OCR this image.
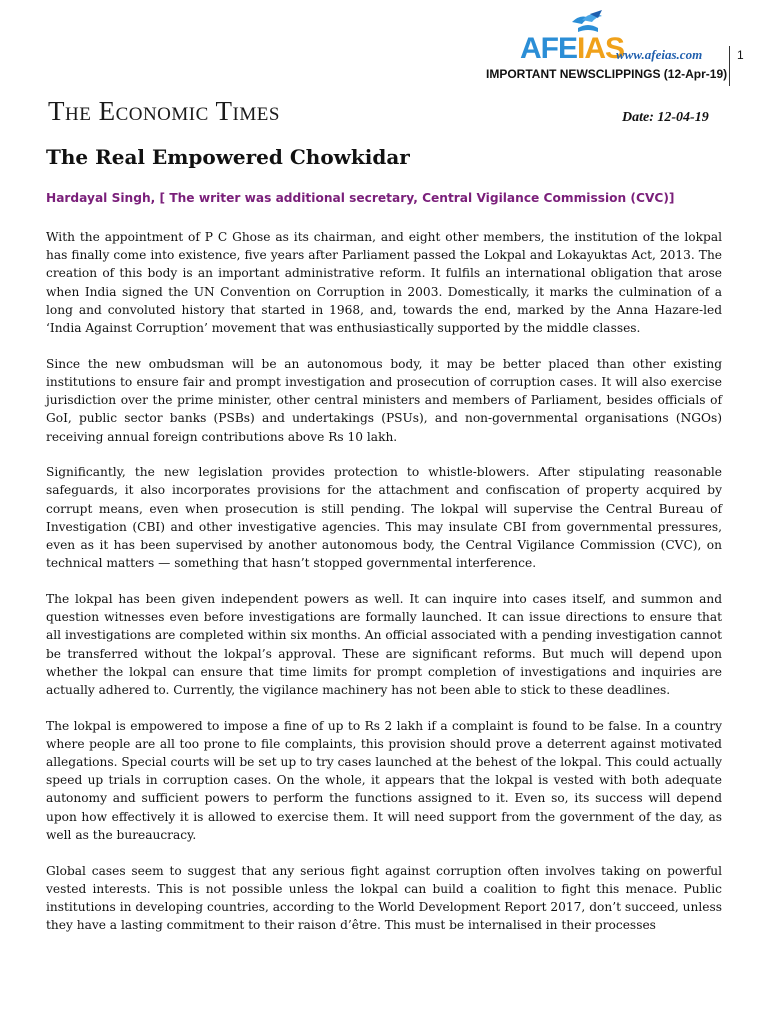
AFEIAS
www.afeias.com	1
IMPORTANT NEWSCLIPPINGS (12-Apr-19)
The Economic Times	Date: 12-04-19
The Real Empowered Chowkidar
Hardayal Singh, [ The writer was additional secretary, Central Vigilance Commission (CVC)]

With the appointment of P C Ghose as its chairman, and eight other members, the institution of the lokpal has finally come into existence, five years after Parliament passed the Lokpal and Lokayuktas Act, 2013. The creation of this body is an important administrative reform. It fulfils an international obligation that arose when India signed the UN Convention on Corruption in 2003. Domestically, it marks the culmination of a long and convoluted history that started in 1968, and, towards the end, marked by the Anna Hazare-led ‘India Against Corruption’ movement that was enthusiastically supported by the middle classes.

Since the new ombudsman will be an autonomous body, it may be better placed than other existing institutions to ensure fair and prompt investigation and prosecution of corruption cases. It will also exercise jurisdiction over the prime minister, other central ministers and members of Parliament, besides officials of GoI, public sector banks (PSBs) and undertakings (PSUs), and non-governmental organisations (NGOs) receiving annual foreign contributions above Rs 10 lakh.

Significantly, the new legislation provides protection to whistle-blowers. After stipulating reasonable safeguards, it also incorporates provisions for the attachment and confiscation of property acquired by corrupt means, even when prosecution is still pending. The lokpal will supervise the Central Bureau of Investigation (CBI) and other investigative agencies. This may insulate CBI from governmental pressures, even as it has been supervised by another autonomous body, the Central Vigilance Commission (CVC), on technical matters — something that hasn’t stopped governmental interference.

The lokpal has been given independent powers as well. It can inquire into cases itself, and summon and question witnesses even before investigations are formally launched. It can issue directions to ensure that all investigations are completed within six months. An official associated with a pending investigation cannot be transferred without the lokpal’s approval. These are significant reforms. But much will depend upon whether the lokpal can ensure that time limits for prompt completion of investigations and inquiries are actually adhered to. Currently, the vigilance machinery has not been able to stick to these deadlines.

The lokpal is empowered to impose a fine of up to Rs 2 lakh if a complaint is found to be false. In a country where people are all too prone to file complaints, this provision should prove a deterrent against motivated allegations. Special courts will be set up to try cases launched at the behest of the lokpal. This could actually speed up trials in corruption cases. On the whole, it appears that the lokpal is vested with both adequate autonomy and sufficient powers to perform the functions assigned to it. Even so, its success will depend upon how effectively it is allowed to exercise them. It will need support from the government of the day, as well as the bureaucracy.

Global cases seem to suggest that any serious fight against corruption often involves taking on powerful vested interests. This is not possible unless the lokpal can build a coalition to fight this menace. Public institutions in developing countries, according to the World Development Report 2017, don’t succeed, unless they have a lasting commitment to their raison d’être. This must be internalised in their processes
